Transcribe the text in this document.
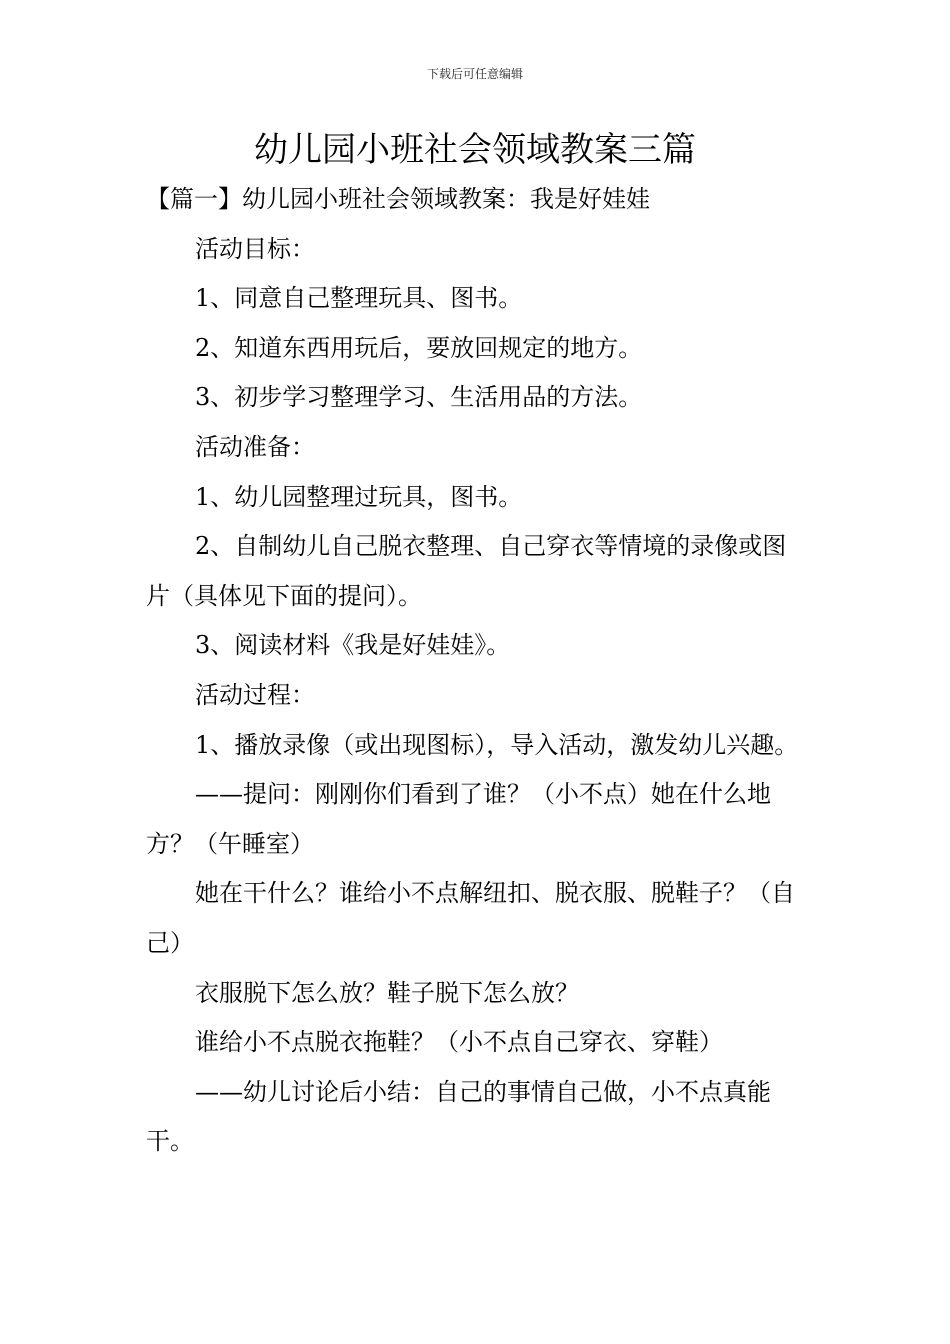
下载后可任意编辑
幼儿园小班社会领域教案三篇

【篇一】幼儿园小班社会领域教案：我是好娃娃

活动目标：

1、同意自己整理玩具、图书。

2、知道东西用玩后，要放回规定的地方。

3、初步学习整理学习、生活用品的方法。

活动准备：

1、幼儿园整理过玩具，图书。

2、自制幼儿自己脱衣整理、自己穿衣等情境的录像或图片（具体见下面的提问）。

3、阅读材料《我是好娃娃》。

活动过程：

1、播放录像（或出现图标），导入活动，激发幼儿兴趣。

——提问：刚刚你们看到了谁？（小不点）她在什么地方？（午睡室）

她在干什么？谁给小不点解纽扣、脱衣服、脱鞋子？（自己）

衣服脱下怎么放？鞋子脱下怎么放？

谁给小不点脱衣拖鞋？（小不点自己穿衣、穿鞋）

——幼儿讨论后小结：自己的事情自己做，小不点真能干。
